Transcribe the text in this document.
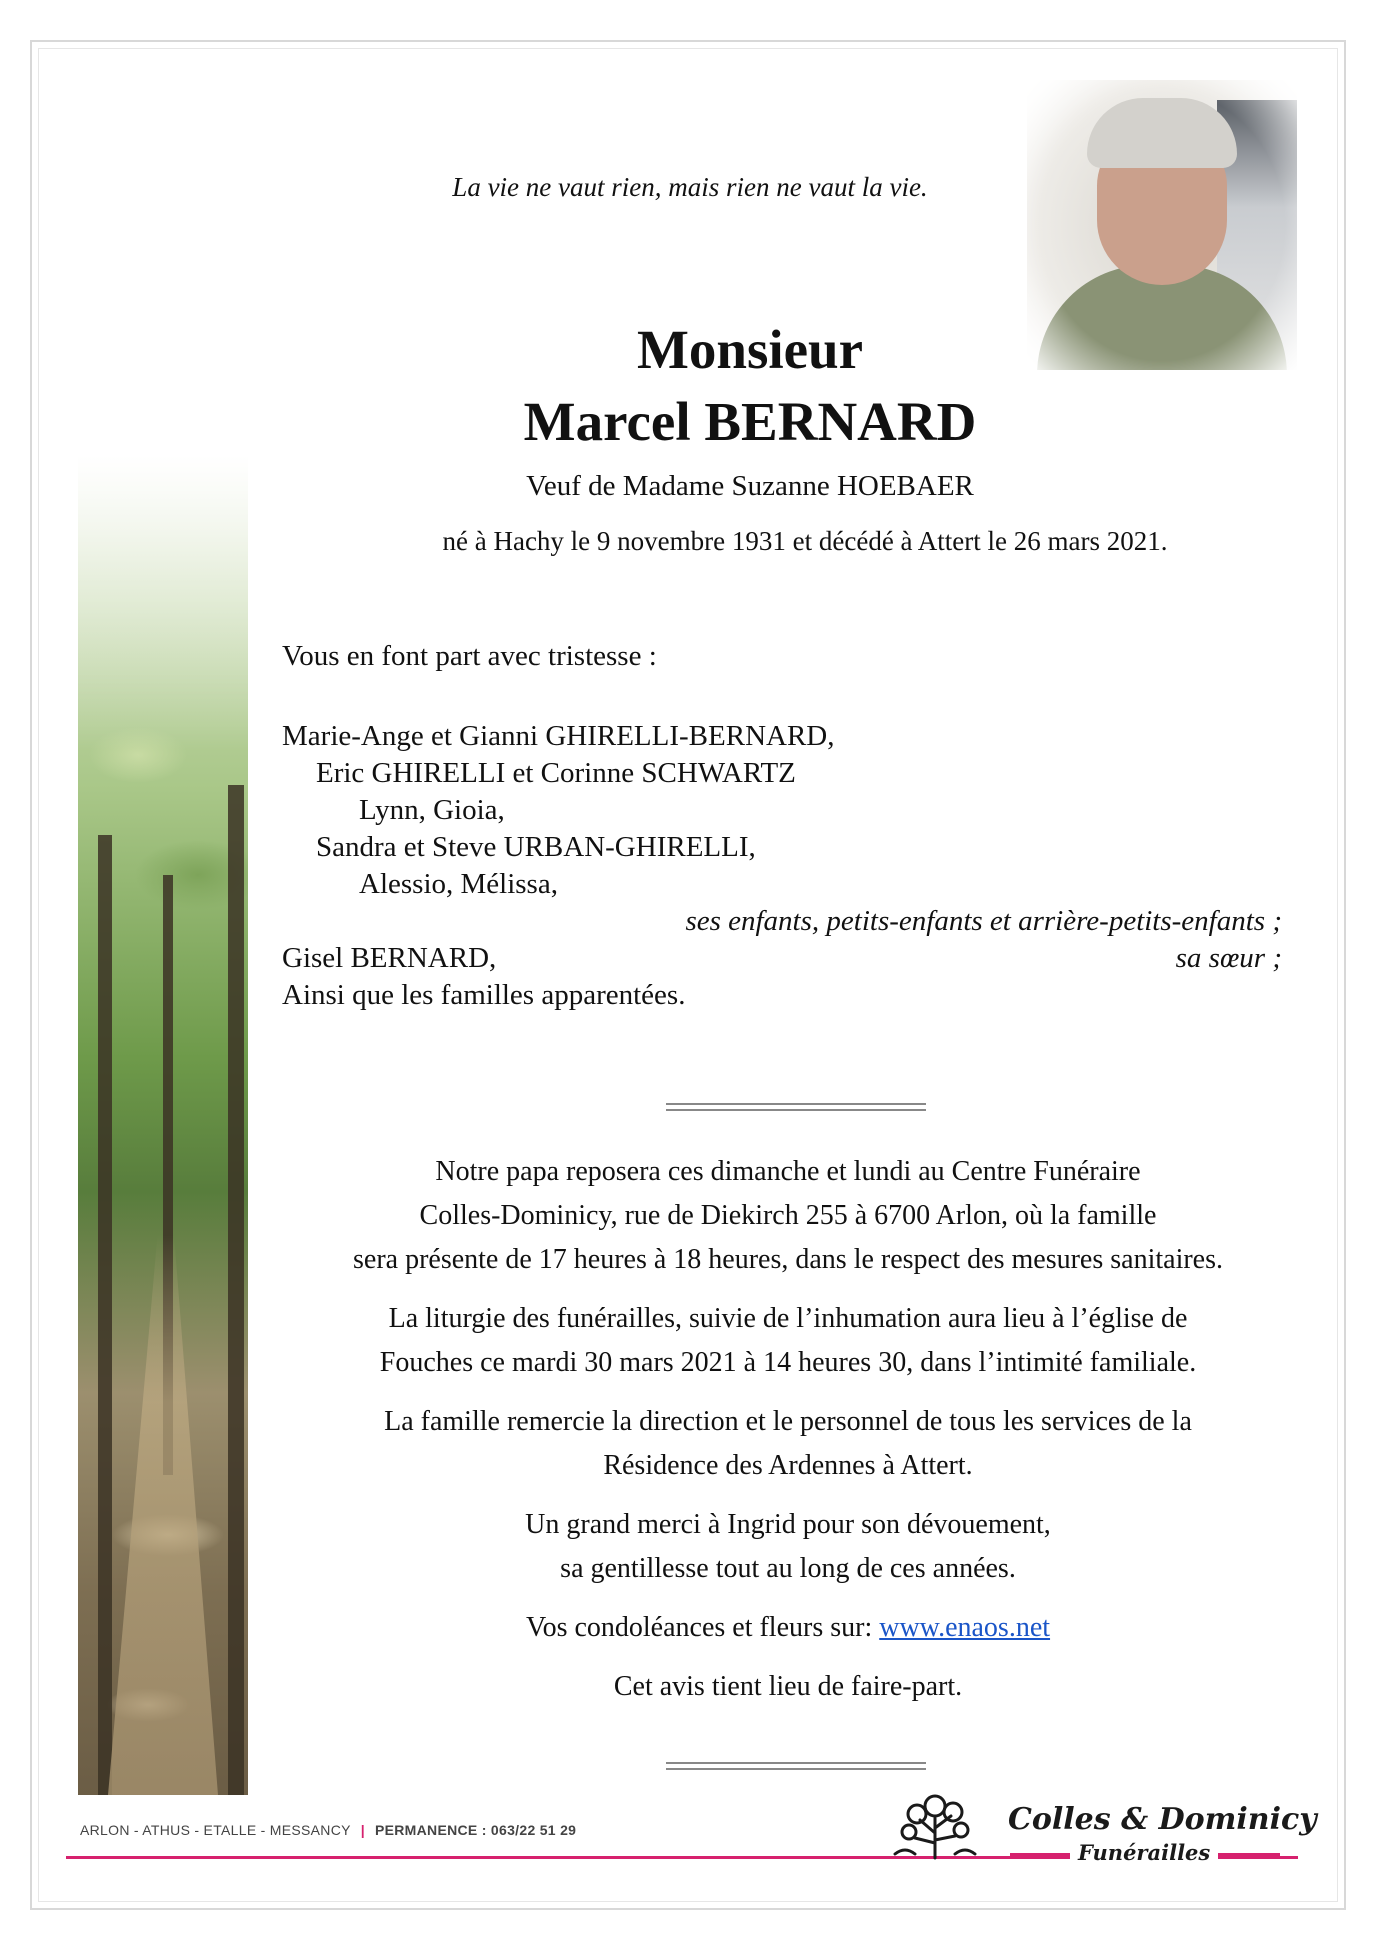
La vie ne vaut rien, mais rien ne vaut la vie.
Monsieur
Marcel BERNARD
Veuf de Madame Suzanne HOEBAER
né à Hachy le 9 novembre 1931 et décédé à Attert le 26 mars 2021.
Vous en font part avec tristesse :
Marie-Ange et Gianni GHIRELLI-BERNARD,
Eric GHIRELLI et Corinne SCHWARTZ
Lynn, Gioia,
Sandra et Steve URBAN-GHIRELLI,
Alessio, Mélissa,
ses enfants, petits-enfants et arrière-petits-enfants ;
Gisel BERNARD,	sa sœur ;
Ainsi que les familles apparentées.

Notre papa reposera ces dimanche et lundi au Centre Funéraire
Colles-Dominicy, rue de Diekirch 255 à 6700 Arlon, où la famille
sera présente de 17 heures à 18 heures, dans le respect des mesures sanitaires.

La liturgie des funérailles, suivie de l’inhumation aura lieu à l’église de
Fouches ce mardi 30 mars 2021 à 14 heures 30, dans l’intimité familiale.

La famille remercie la direction et le personnel de tous les services de la
Résidence des Ardennes à Attert.

Un grand merci à Ingrid pour son dévouement,
sa gentillesse tout au long de ces années.

Vos condoléances et fleurs sur: www.enaos.net

Cet avis tient lieu de faire-part.

ARLON - ATHUS - ETALLE - MESSANCY | PERMANENCE : 063/22 51 29	Colles & Dominicy
Funérailles
